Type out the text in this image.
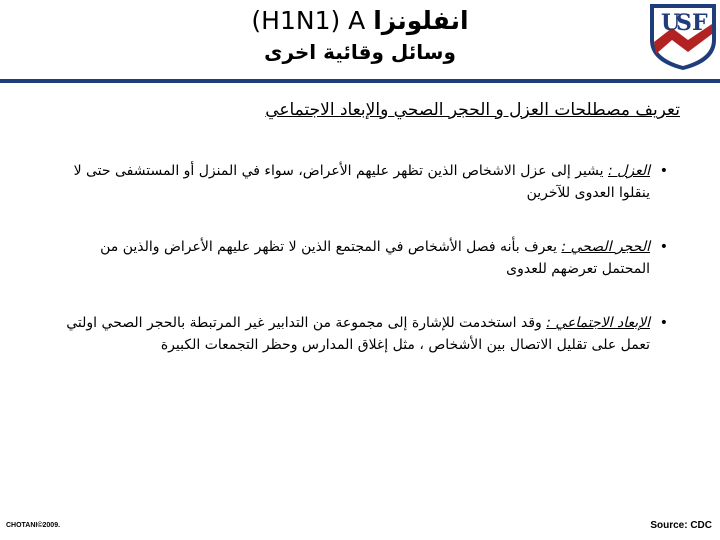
انفلونزا (H1N1) A
وسائل وقائية اخرى
U
S F
تعريف مصطلحات العزل و الحجر الصحي والإبعاد الاجتماعي
•
العزل : يشير إلى عزل الاشخاص الذين تظهر عليهم الأعراض، سواء في المنزل أو المستشفى حتى لا ينقلوا العدوى للآخرين
•
الحجر الصحي : يعرف بأنه فصل الأشخاص في المجتمع الذين لا تظهر عليهم الأعراض والذين من المحتمل تعرضهم للعدوى
•
الإبعاد الاجتماعي : وقد استخدمت للإشارة إلى مجموعة من التدابير غير المرتبطة بالحجر الصحي اولتي تعمل على تقليل الاتصال بين الأشخاص ، مثل إغلاق المدارس وحظر التجمعات الكبيرة
CHOTANI©2009.	Source: CDC
